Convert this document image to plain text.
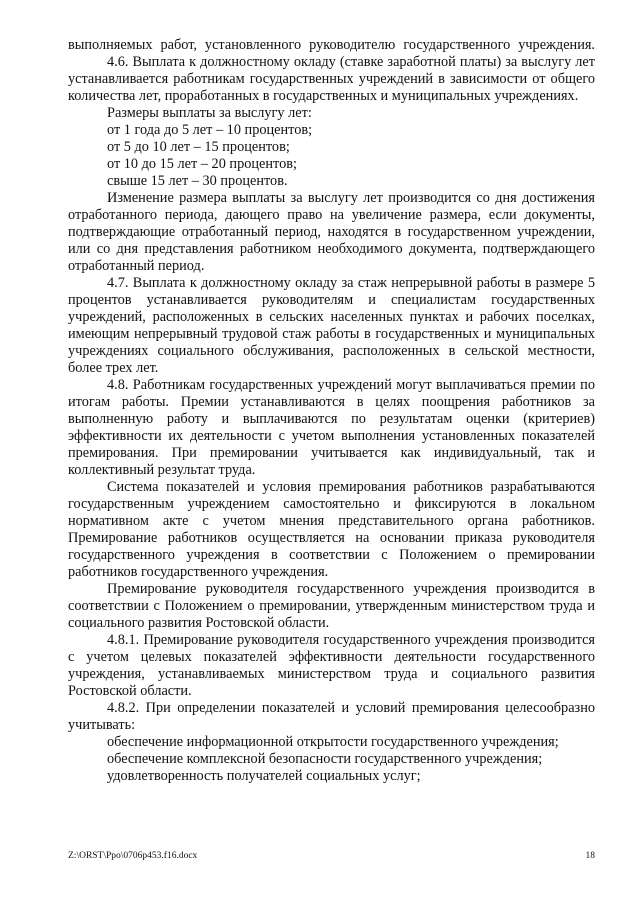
выполняемых работ, установленного руководителю государственного учреждения.

4.6. Выплата к должностному окладу (ставке заработной платы) за выслугу лет устанавливается работникам государственных учреждений в зависимости от общего количества лет, проработанных в государственных и муниципальных учреждениях.

Размеры выплаты за выслугу лет:

от 1 года до 5 лет – 10 процентов;

от 5 до 10 лет – 15 процентов;

от 10 до 15 лет – 20 процентов;

свыше 15 лет – 30 процентов.

Изменение размера выплаты за выслугу лет производится со дня достижения отработанного периода, дающего право на увеличение размера, если документы, подтверждающие отработанный период, находятся в государственном учреждении, или со дня представления работником необходимого документа, подтверждающего отработанный период.

4.7. Выплата к должностному окладу за стаж непрерывной работы в размере 5 процентов устанавливается руководителям и специалистам государственных учреждений, расположенных в сельских населенных пунктах и рабочих поселках, имеющим непрерывный трудовой стаж работы в государственных и муниципальных учреждениях социального обслуживания, расположенных в сельской местности, более трех лет.

4.8. Работникам государственных учреждений могут выплачиваться премии по итогам работы. Премии устанавливаются в целях поощрения работников за выполненную работу и выплачиваются по результатам оценки (критериев) эффективности их деятельности с учетом выполнения установленных показателей премирования. При премировании учитывается как индивидуальный, так и коллективный результат труда.

Система показателей и условия премирования работников разрабатываются государственным учреждением самостоятельно и фиксируются в локальном нормативном акте с учетом мнения представительного органа работников. Премирование работников осуществляется на основании приказа руководителя государственного учреждения в соответствии с Положением о премировании работников государственного учреждения.

Премирование руководителя государственного учреждения производится в соответствии с Положением о премировании, утвержденным министерством труда и социального развития Ростовской области.

4.8.1. Премирование руководителя государственного учреждения производится с учетом целевых показателей эффективности деятельности государственного учреждения, устанавливаемых министерством труда и социального развития Ростовской области.

4.8.2. При определении показателей и условий премирования целесообразно учитывать:

обеспечение информационной открытости государственного учреждения;

обеспечение комплексной безопасности государственного учреждения;

удовлетворенность получателей социальных услуг;

Z:\ORST\Ppo\0706p453.f16.docx	18
